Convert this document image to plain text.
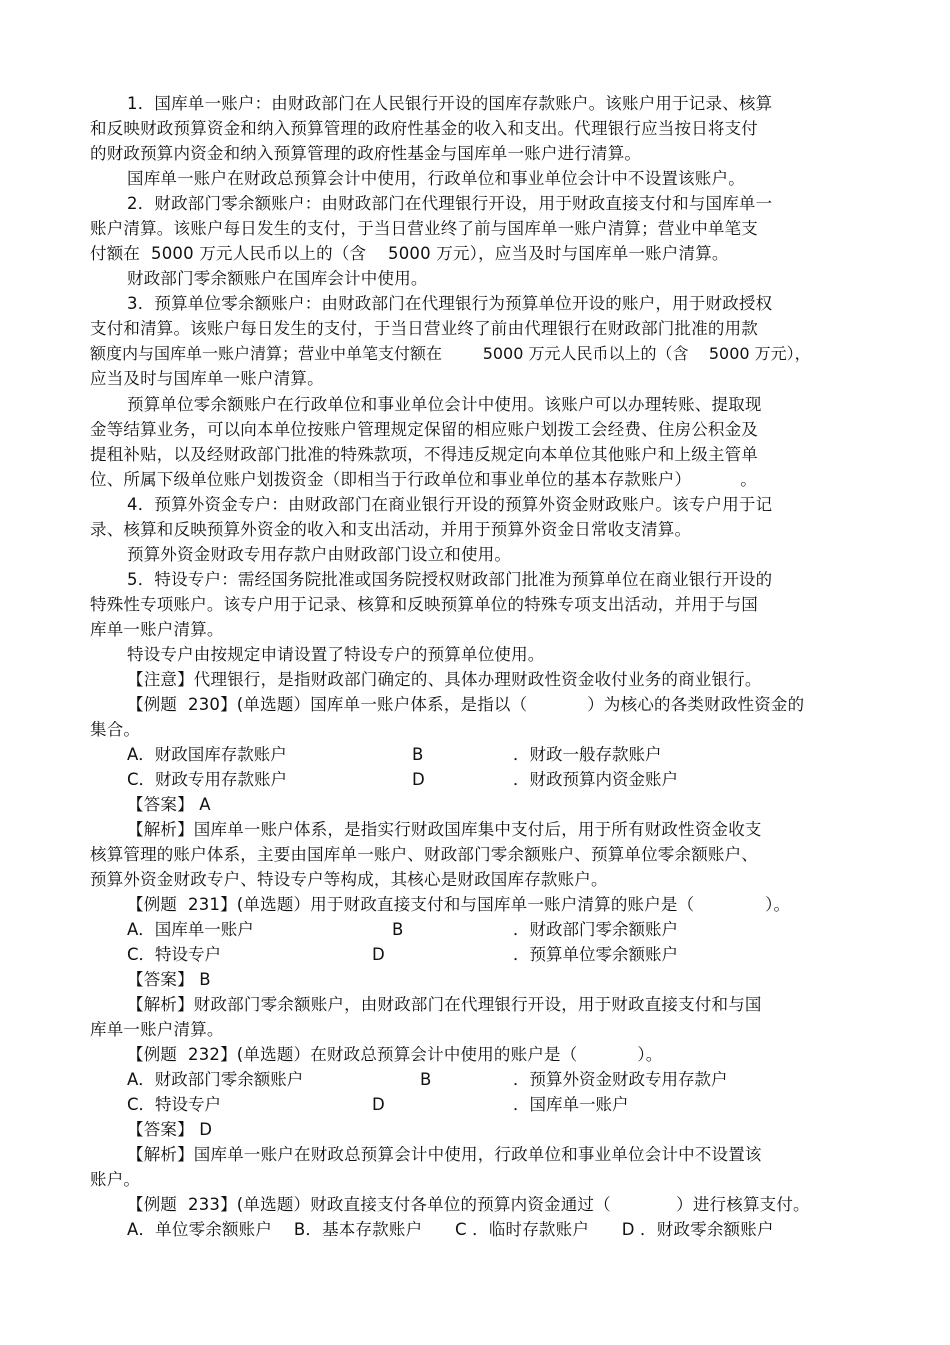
1．国库单一账户：由财政部门在人民银行开设的国库存款账户。该账户用于记录、核算
和反映财政预算资金和纳入预算管理的政府性基金的收入和支出。代理银行应当按日将支付
的财政预算内资金和纳入预算管理的政府性基金与国库单一账户进行清算。
国库单一账户在财政总预算会计中使用，行政单位和事业单位会计中不设置该账户。
2．财政部门零余额账户：由财政部门在代理银行开设，用于财政直接支付和与国库单一
账户清算。该账户每日发生的支付，于当日营业终了前与国库单一账户清算；营业中单笔支
付额在  5000 万元人民币以上的（含    5000 万元），应当及时与国库单一账户清算。
财政部门零余额账户在国库会计中使用。
3．预算单位零余额账户：由财政部门在代理银行为预算单位开设的账户，用于财政授权
支付和清算。该账户每日发生的支付，于当日营业终了前由代理银行在财政部门批准的用款
额度内与国库单一账户清算；营业中单笔支付额在        5000 万元人民币以上的（含    5000 万元），
应当及时与国库单一账户清算。
预算单位零余额账户在行政单位和事业单位会计中使用。该账户可以办理转账、提取现
金等结算业务，可以向本单位按账户管理规定保留的相应账户划拨工会经费、住房公积金及
提租补贴，以及经财政部门批准的特殊款项，不得违反规定向本单位其他账户和上级主管单
位、所属下级单位账户划拨资金（即相当于行政单位和事业单位的基本存款账户）         。
4．预算外资金专户：由财政部门在商业银行开设的预算外资金财政账户。该专户用于记
录、核算和反映预算外资金的收入和支出活动，并用于预算外资金日常收支清算。
预算外资金财政专用存款户由财政部门设立和使用。
5．特设专户：需经国务院批准或国务院授权财政部门批准为预算单位在商业银行开设的
特殊性专项账户。该专户用于记录、核算和反映预算单位的特殊专项支出活动，并用于与国
库单一账户清算。
特设专户由按规定申请设置了特设专户的预算单位使用。
【注意】代理银行，是指财政部门确定的、具体办理财政性资金收付业务的商业银行。
【例题  230】(单选题）国库单一账户体系，是指以（           ）为核心的各类财政性资金的
集合。
A．财政国库存款账户	B	．财政一般存款账户
C．财政专用存款账户	D	．财政预算内资金账户
【答案】 A
【解析】国库单一账户体系，是指实行财政国库集中支付后，用于所有财政性资金收支
核算管理的账户体系，主要由国库单一账户、财政部门零余额账户、预算单位零余额账户、
预算外资金财政专户、特设专户等构成，其核心是财政国库存款账户。
【例题  231】(单选题）用于财政直接支付和与国库单一账户清算的账户是（             ）。
A．国库单一账户	B	．财政部门零余额账户
C．特设专户	D	．预算单位零余额账户
【答案】 B
【解析】财政部门零余额账户，由财政部门在代理银行开设，用于财政直接支付和与国
库单一账户清算。
【例题  232】(单选题）在财政总预算会计中使用的账户是（           ）。
A．财政部门零余额账户	B	．预算外资金财政专用存款户
C．特设专户	D	．国库单一账户
【答案】 D
【解析】国库单一账户在财政总预算会计中使用，行政单位和事业单位会计中不设置该
账户。
【例题  233】(单选题）财政直接支付各单位的预算内资金通过（            ）进行核算支付。
A．单位零余额账户    B．基本存款账户      C ．临时存款账户      D ．财政零余额账户
